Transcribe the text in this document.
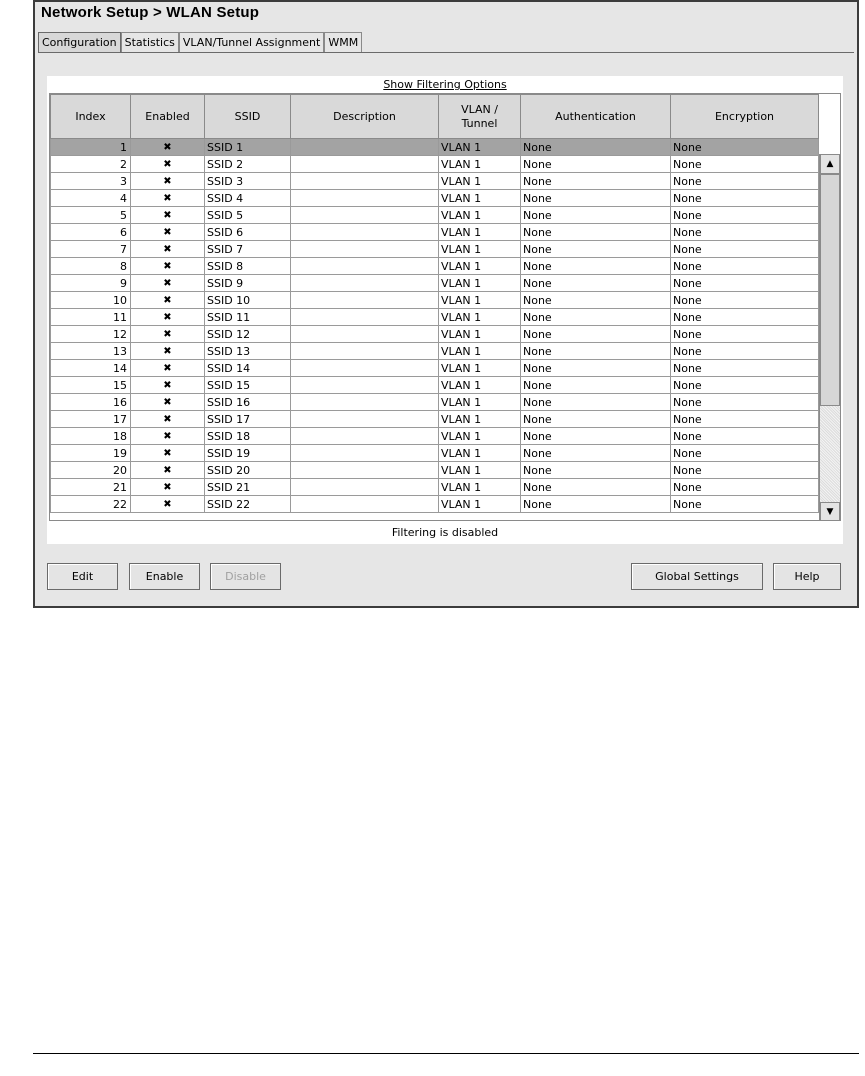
Network Setup > WLAN Setup
Configuration Statistics VLAN/Tunnel Assignment WMM
Show Filtering Options
Index	Enabled	SSID	Description	VLAN /
Tunnel	Authentication	Encryption
1	✖	SSID 1		VLAN 1	None	None
2	✖	SSID 2		VLAN 1	None	None
3	✖	SSID 3		VLAN 1	None	None
4	✖	SSID 4		VLAN 1	None	None
5	✖	SSID 5		VLAN 1	None	None
6	✖	SSID 6		VLAN 1	None	None
7	✖	SSID 7		VLAN 1	None	None
8	✖	SSID 8		VLAN 1	None	None
9	✖	SSID 9		VLAN 1	None	None
10	✖	SSID 10		VLAN 1	None	None
11	✖	SSID 11		VLAN 1	None	None
12	✖	SSID 12		VLAN 1	None	None
13	✖	SSID 13		VLAN 1	None	None
14	✖	SSID 14		VLAN 1	None	None
15	✖	SSID 15		VLAN 1	None	None
16	✖	SSID 16		VLAN 1	None	None
17	✖	SSID 17		VLAN 1	None	None
18	✖	SSID 18		VLAN 1	None	None
19	✖	SSID 19		VLAN 1	None	None
20	✖	SSID 20		VLAN 1	None	None
21	✖	SSID 21		VLAN 1	None	None
22	✖	SSID 22		VLAN 1	None	None
▲
▼
Filtering is disabled
Edit	Enable	Disable	Global Settings	Help
